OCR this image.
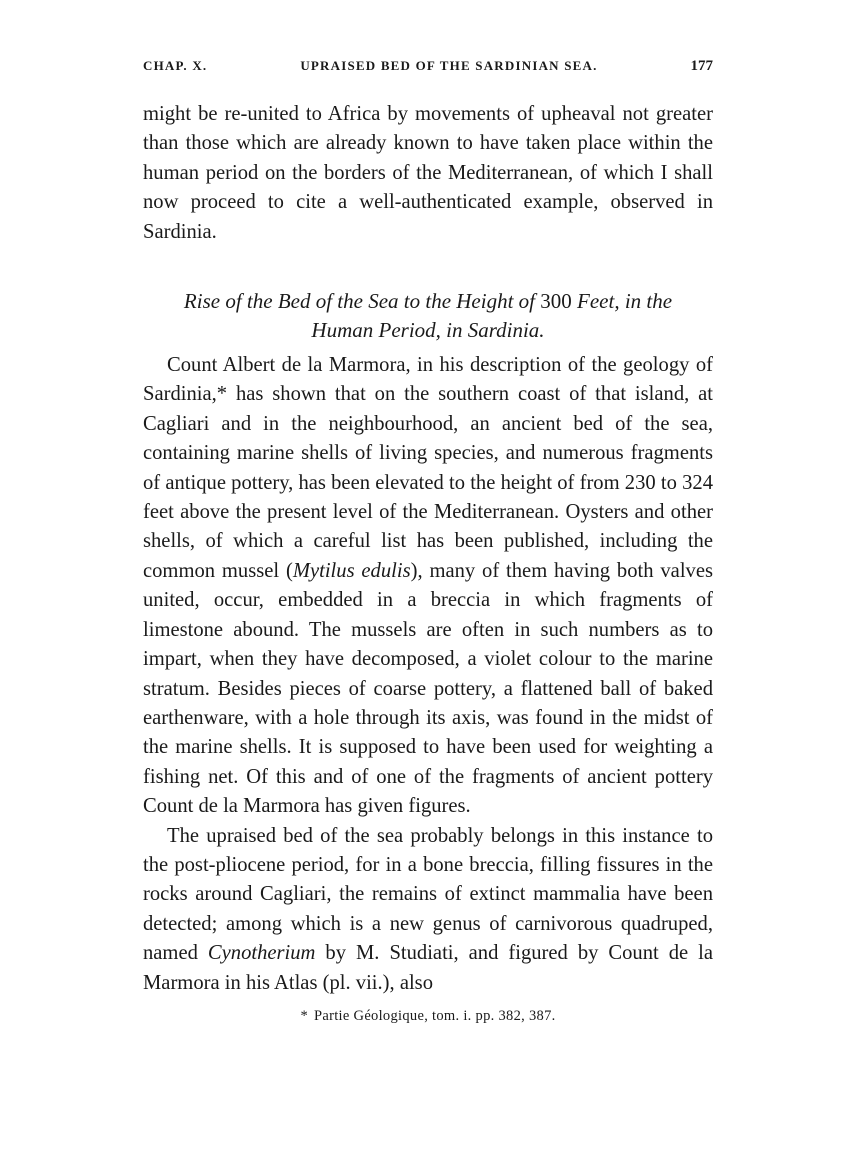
CHAP. X.	UPRAISED BED OF THE SARDINIAN SEA.	177

might be re-united to Africa by movements of upheaval not greater than those which are already known to have taken place within the human period on the borders of the Mediterranean, of which I shall now proceed to cite a well-authenticated example, observed in Sardinia.

Rise of the Bed of the Sea to the Height of 300 Feet, in the
Human Period, in Sardinia.

Count Albert de la Marmora, in his description of the geology of Sardinia,* has shown that on the southern coast of that island, at Cagliari and in the neighbourhood, an ancient bed of the sea, containing marine shells of living species, and numerous fragments of antique pottery, has been elevated to the height of from 230 to 324 feet above the present level of the Mediterranean. Oysters and other shells, of which a careful list has been published, including the common mussel (Mytilus edulis), many of them having both valves united, occur, embedded in a breccia in which fragments of limestone abound. The mussels are often in such numbers as to impart, when they have decomposed, a violet colour to the marine stratum. Besides pieces of coarse pottery, a flattened ball of baked earthenware, with a hole through its axis, was found in the midst of the marine shells. It is supposed to have been used for weighting a fishing net. Of this and of one of the fragments of ancient pottery Count de la Marmora has given figures.

The upraised bed of the sea probably belongs in this instance to the post-pliocene period, for in a bone breccia, filling fissures in the rocks around Cagliari, the remains of extinct mammalia have been detected; among which is a new genus of carnivorous quadruped, named Cynotherium by M. Studiati, and figured by Count de la Marmora in his Atlas (pl. vii.), also

* Partie Géologique, tom. i. pp. 382, 387.
